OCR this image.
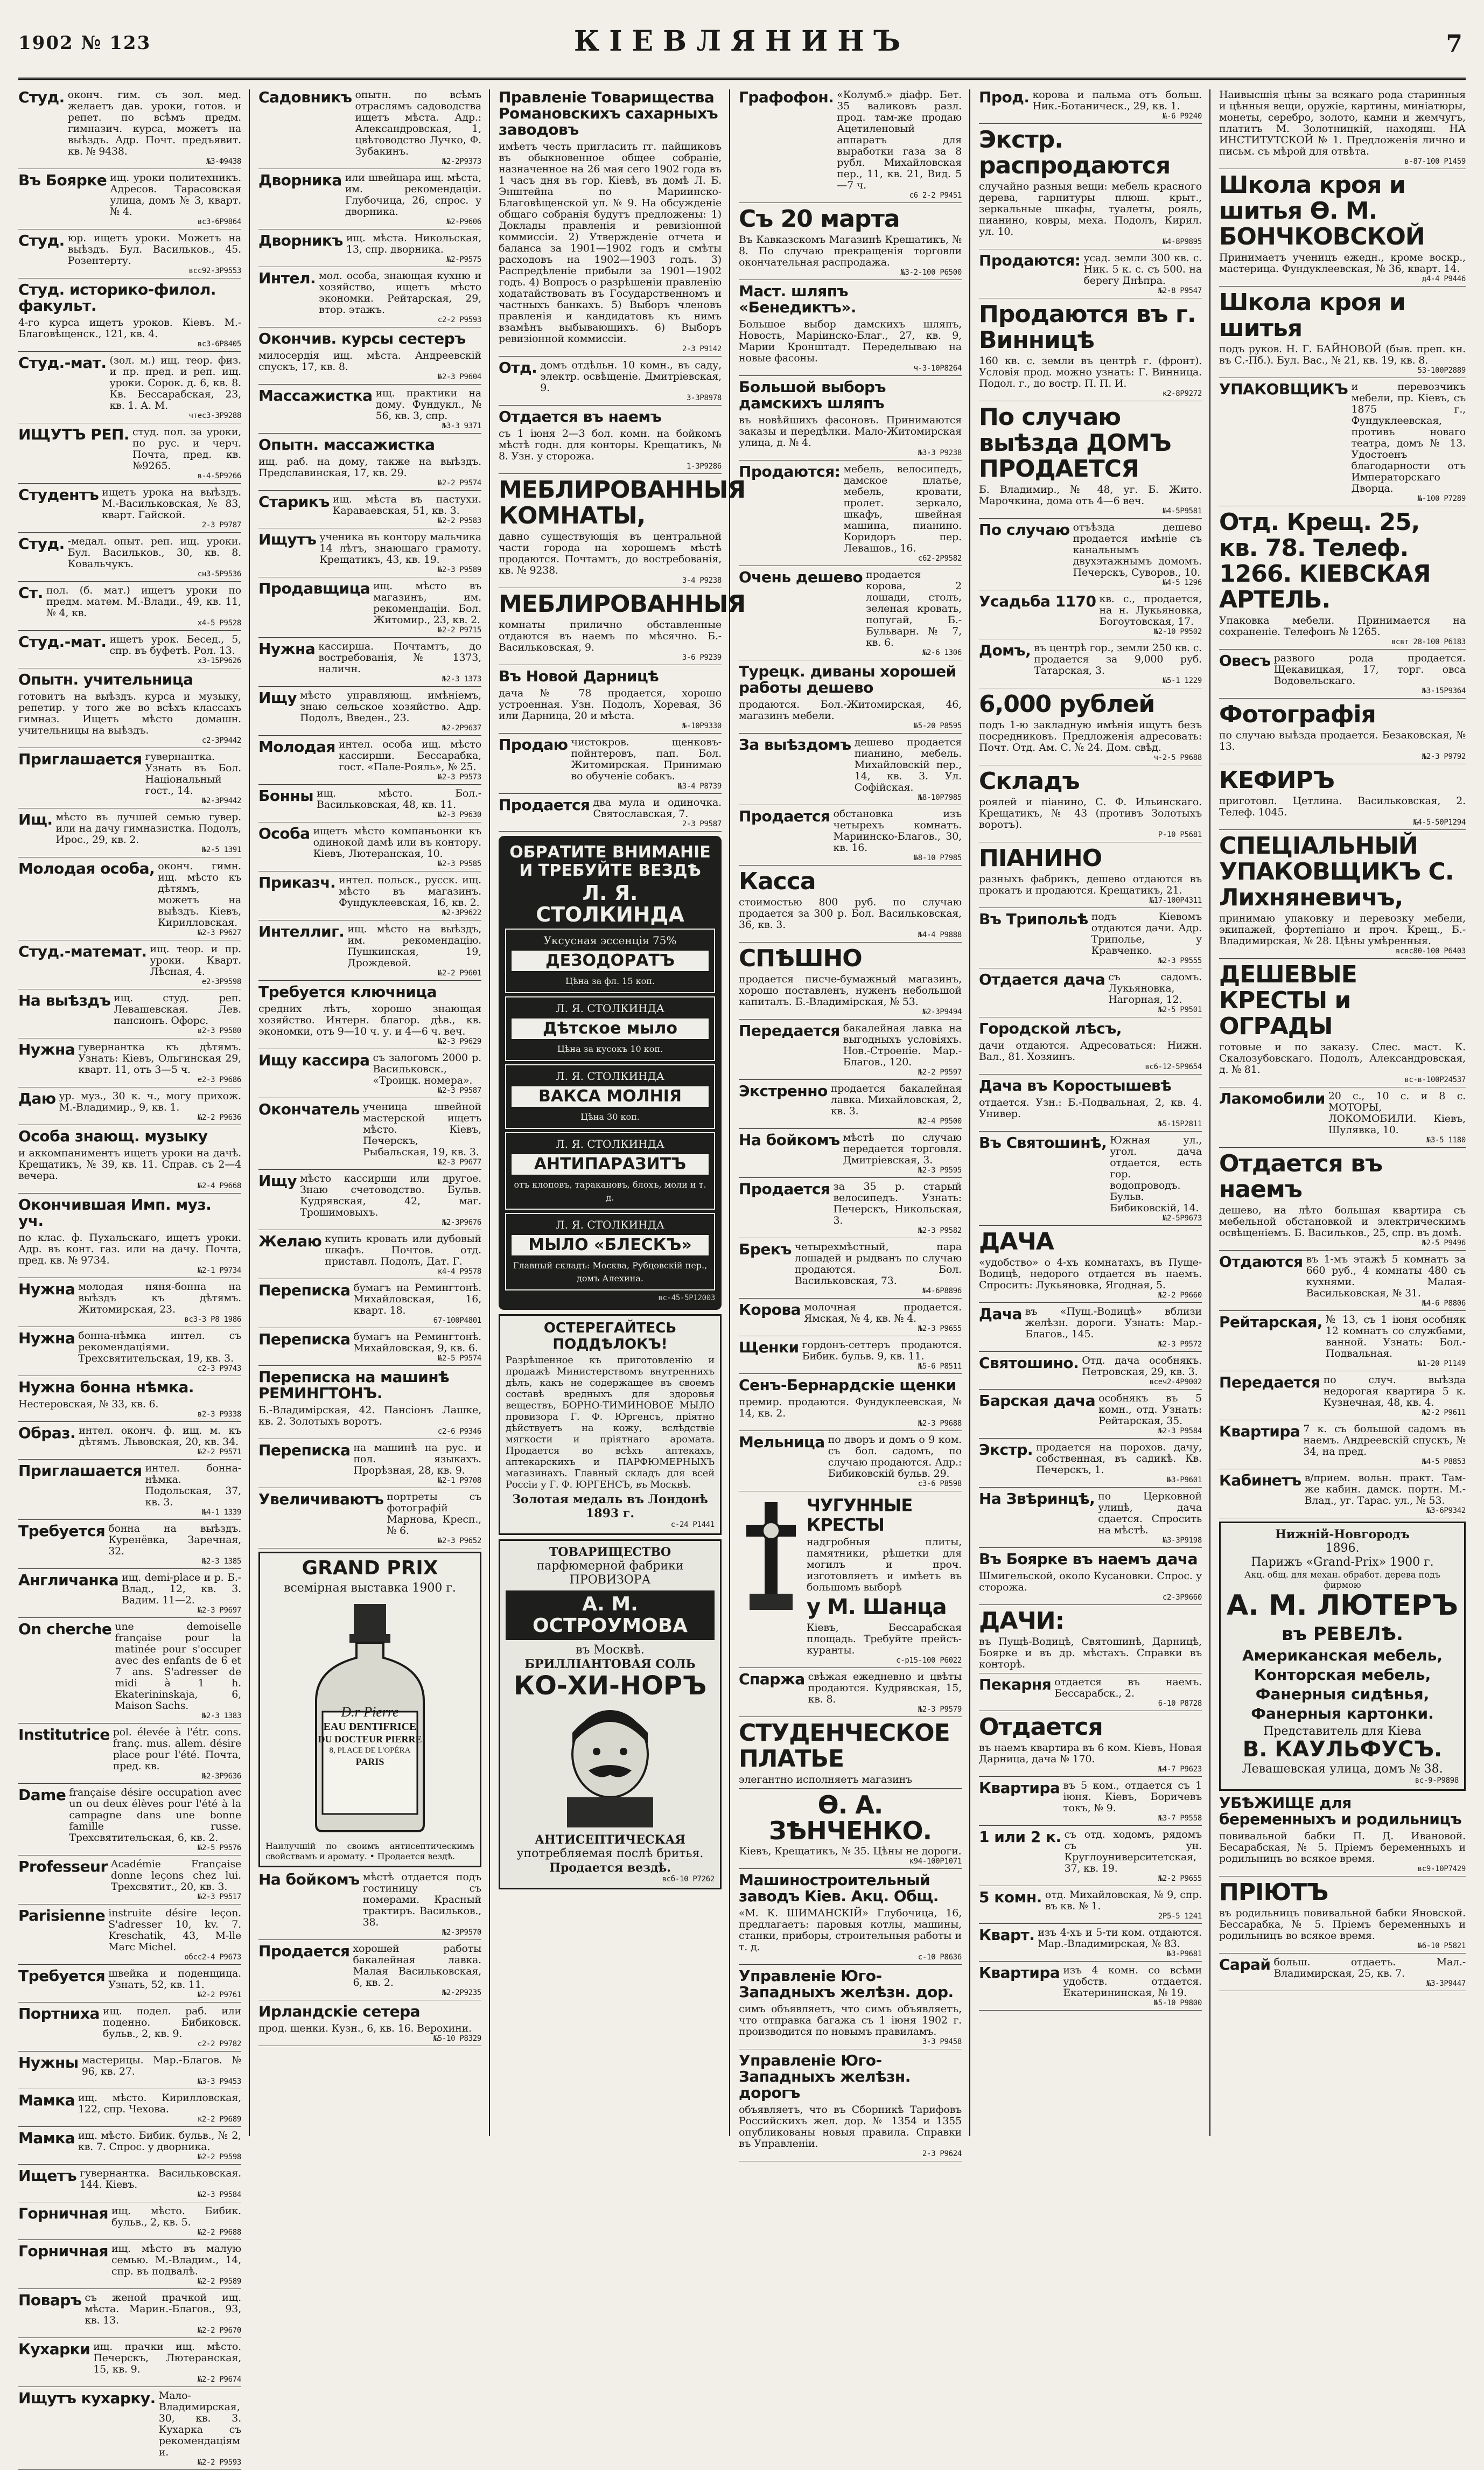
1902 № 123	КІЕВЛЯНИНЪ	7
Студ. оконч. гим. съ зол. мед. желаетъ дав. уроки, готов. и репет. по всѣмъ предм. гимназич. курса, можетъ на выѣздъ. Адр. Почт. предъявит. кв. № 9438.
№3-Ф9438
Въ Боярке ищ. уроки политехникъ. Адресов. Тарасовская улица, домъ № 3, кварт. № 4.
вс3-6Р9864
Студ. юр. ищетъ уроки. Можетъ на выѣздъ. Бул. Васильков., 45. Розентерту.
всс92-3Р9553
Студ. историко-филол. факульт.
4-го курса ищетъ уроков. Кiевъ. М.-Благовѣщенск., 121, кв. 4.
вс3-6Р8405
Студ.-мат. (зол. м.) ищ. теор. физ. и пр. пред. и реп. ищ. уроки. Сорок. д. 6, кв. 8. Кв. Бессарабская, 23, кв. 1. А. М.
чтес3-3Р9288
ИЩУТЪ РЕП. студ. пол. за уроки, по рус. и черч. Почта, пред. кв. №9265.
в-4-5Р9266
Студентъ ищетъ урока на выѣздъ. М.-Васильковская, № 83, кварт. Гайской.
2-3 Р9787
Студ. -медал. опыт. реп. ищ. уроки. Бул. Васильков., 30, кв. 8. Ковальчукъ.
сн3-5Р9536
Ст. пол. (б. мат.) ищетъ уроки по предм. матем. М.-Влади., 49, кв. 11, № 4, кв.
х4-5 Р9528
Студ.-мат. ищетъ урок. Бесед., 5, спр. въ буфетѣ. Рол. 13.
х3-15Р9626
Опытн. учительница
готовитъ на выѣздъ. курса и музыку, репетир. у того же во всѣхъ классахъ гимназ. Ищетъ мѣсто домашн. учительницы на выѣздъ.
с2-3Р9442
Приглашается гувернантка. Узнать въ Бол. Національный гост., 14.
№2-3Р9442
Ищ. мѣсто въ лучшей семью гувер. или на дачу гимназистка. Подолъ, Ирос., 29, кв. 2.
№2-5 1391
Молодая особа, оконч. гимн. ищ. мѣсто къ дѣтямъ, можетъ на выѣздъ. Кiевъ, Кирилловская.
№2-3 Р9627
Студ.-математ. ищ. теор. и пр. уроки. Кварт. Лѣсная, 4.
е2-3Р9598
На выѣздъ ищ. студ. реп. Левашевская. Лев. пансионъ. Офорс.
в2-3 Р9580
Нужна гувернантка къ дѣтямъ. Узнать: Кiевъ, Ольгинская 29, кварт. 11, отъ 3—5 ч.
е2-3 Р9686
Даю ур. муз., 30 к. ч., могу прихож. М.-Владимир., 9, кв. 1.
№2-2 Р9636
Особа знающ. музыку
и аккомпаниментъ ищетъ уроки на дачѣ. Крещатикъ, № 39, кв. 11. Справ. съ 2—4 вечера.
№2-4 Р9668
Окончившая Имп. муз. уч.
по клас. ф. Пухальскаго, ищетъ уроки. Адр. въ конт. газ. или на дачу. Почта, пред. кв. № 9734.
№2-1 Р9734
Нужна молодая няня-бонна на выѣздъ къ дѣтямъ. Житомирская, 23.
вс3-3 Р8 1986
Нужна бонна-нѣмка интел. съ рекомендаціями. Трехсвятительская, 19, кв. 3.
с2-3 Р9743
Нужна бонна нѣмка.
Нестеровская, № 33, кв. 6.
в2-3 Р9338
Образ. интел. оконч. ф. ищ. м. къ дѣтямъ. Львовская, 20, кв. 34.
№2-2 Р9571
Приглашается интел. бонна-нѣмка. Подольская, 37, кв. 3.
№4-1 1339
Требуется бонна на выѣздъ. Куренёвка, Заречная, 32.
№2-3 1385
Англичанка ищ. demi-place и р. Б.-Влад., 12, кв. 3. Вадим. 11—2.
№2-3 Р9697
On cherche une demoiselle française pour la matinée pour s'occuper avec des enfants de 6 et 7 ans. S'adresser de midi à 1 h. Ekaterininskaja, 6, Maison Sachs.
№2-3 1383
Institutrice pol. élevée à l'étr. cons. franç. mus. allem. désire place pour l'été. Почта, пред. кв.
№2-3Р9636
Dame française désire occupation avec un ou deux élèves pour l'été à la campagne dans une bonne famille russe. Трехсвятительская, 6, кв. 2.
№2-5 Р9576
Professeur Académie Française donne leçons chez lui. Трехсвятит., 20, кв. 3.
№2-3 Р9517
Parisienne instruite désire leçon. S'adresser 10, kv. 7. Kreschatik, 43, М-lle Marc Michel.
обсс2-4 Р9673
Требуется швейка и поденщица. Узнать, 52, кв. 11.
№2-2 Р9761
Портниха ищ. подел. раб. или поденно. Бибиковск. бульв., 2, кв. 9.
с2-2 Р9782
Нужны мастерицы. Мар.-Благов. № 96, кв. 27.
№3-3 Р9453
Мамка ищ. мѣсто. Кирилловская, 122, спр. Чехова.
к2-2 Р9689
Мамка ищ. мѣсто. Бибик. бульв., № 2, кв. 7. Спрос. у дворника.
№2-2 Р9598
Ищетъ гувернантка. Васильковская. 144. Кiевъ.
№2-3 Р9584
Горничная ищ. мѣсто. Бибик. бульв., 2, кв. 5.
№2-2 Р9688
Горничная ищ. мѣсто въ малую семью. М.-Владим., 14, спр. въ подвалѣ.
№2-2 Р9589
Поваръ съ женой прачкой ищ. мѣста. Марин.-Благов., 93, кв. 13.
№2-2 Р9670
Кухарки ищ. прачки ищ. мѣсто. Печерскъ, Лютеранская, 15, кв. 9.
№2-2 Р9674
Ищутъ кухарку. Мало-Владимирская, 30, кв. 3. Кухарка съ рекомендаціями.
№2-2 Р9593
Садовникъ опытн. по всѣмъ отраслямъ садоводства ищетъ мѣста. Адр.: Александровская, 1, цвѣтоводство Лучко, Ф. Зубакинъ.
№2-2Р9373
Дворника или швейцара ищ. мѣста, им. рекомендаціи. Глубочица, 26, спрос. у дворника.
№2-Р9606
Дворникъ ищ. мѣста. Никольская, 13, спр. дворника.
№2-Р9575
Интел. мол. особа, знающая кухню и хозяйство, ищетъ мѣсто экономки. Рейтарская, 29, втор. этажъ.
с2-2 Р9593
Окончив. курсы сестеръ
милосердія ищ. мѣста. Андреевскій спускъ, 17, кв. 8.
№2-3 Р9604
Массажистка ищ. практики на дому. Фундукл., № 56, кв. 3, спр.
№3-3 9371
Опытн. массажистка
ищ. раб. на дому, также на выѣздъ. Предславинская, 17, кв. 29.
№2-2 Р9574
Старикъ ищ. мѣста въ пастухи. Караваевская, 51, кв. 3.
№2-2 Р9583
Ищутъ ученика въ контору мальчика 14 лѣтъ, знающаго грамоту. Крещатикъ, 43, кв. 19.
№2-3 Р9589
Продавщица ищ. мѣсто въ магазинъ, им. рекомендаціи. Бол. Житомир., 23, кв. 2.
№2-2 Р9715
Нужна кассирша. Почтамтъ, до востребованія, № 1373, наличн.
№2-3 1373
Ищу мѣсто управляющ. имѣніемъ, знаю сельское хозяйство. Адр. Подолъ, Введен., 23.
№2-2Р9637
Молодая интел. особа ищ. мѣсто кассирши. Бессарабка, гост. «Пале-Рояль», № 25.
№2-3 Р9573
Бонны ищ. мѣсто. Бол.-Васильковская, 48, кв. 11.
№2-3 Р9630
Особа ищетъ мѣсто компаньонки къ одинокой дамѣ или въ контору. Кiевъ, Лютеранская, 10.
№2-3 Р9585
Приказч. интел. польск., русск. ищ. мѣсто въ магазинъ. Фундуклеевская, 16, кв. 2.
№2-3Р9622
Интеллиг. ищ. мѣсто на выѣздъ, им. рекомендацію. Пушкинская, 19, Дрождевой.
№2-2 Р9601
Требуется ключница
средних лѣтъ, хорошо знающая хозяйство. Интерн. благор. дѣв., кв. экономки, отъ 9—10 ч. у. и 4—6 ч. веч.
№2-3 Р9629
Ищу кассира съ залогомъ 2000 р. Васильковск., «Троицк. номера».
№2-3 Р9587
Окончатель ученица швейной мастерской ищетъ мѣсто. Кiевъ, Печерскъ, Рыбальская, 19, кв. 3.
№2-3 Р9677
Ищу мѣсто кассирши или другое. Знаю счетоводство. Бульв. Кудрявская, 42, маг. Трошимовыхъ.
№2-3Р9676
Желаю купить кровать или дубовый шкафъ. Почтов. отд. приставл. Подолъ, Дат. Г.
к4-4 Р9578
Переписка бумагъ на Ремингтонѣ. Михайловская, 16, кварт. 18.
67-100Р4801
Переписка бумагъ на Ремингтонѣ. Михайловская, 9, кв. 6.
№2-5 Р9574
Переписка на машинѣ РЕМИНГТОНЪ.
Б.-Владимірская, 42. Пансіонъ Лашке, кв. 2. Золотыхъ воротъ.
с2-6 Р9346
Переписка на машинѣ на рус. и пол. языкахъ. Прорѣзная, 28, кв. 9.
№2-1 Р9708
Увеличиваютъ портреты съ фотографій Марнова, Кресп., № 6.
№2-3 Р9652
GRAND PRIX
всемірная выставка 1900 г.
D.r Pierre
EAU DENTIFRICE
DU DOCTEUR PIERRE
8, PLACE DE L'OPÉRA
PARIS
Наилучшій по своимъ антисептическимъ свойствамъ и аромату. • Продается вездѣ.
На бойкомъ мѣстѣ отдается подъ гостиницу съ номерами. Красный трактиръ. Васильков., 38.
№2-3Р9570
Продается хорошей работы бакалейная лавка. Малая Васильковская, 6, кв. 2.
№2-2Р9235
Ирландскіе сетера
прод. щенки. Кузн., 6, кв. 16. Верохини.
№5-10 Р8329
Правленіе Товарищества Романовскихъ сахарныхъ заводовъ
имѣетъ честь пригласить гг. пайщиковъ въ обыкновенное общее собраніе, назначенное на 26 мая сего 1902 года въ 1 часъ дня въ гор. Кiевѣ, въ домѣ Л. Б. Энштейна по Мариинско-Благовѣщенской ул. № 9. На обсужденіе общаго собранія будутъ предложены: 1) Доклады правленія и ревизіонной коммиссіи. 2) Утвержденіе отчета и баланса за 1901—1902 годъ и смѣты расходовъ на 1902—1903 годъ. 3) Распредѣленіе прибыли за 1901—1902 годъ. 4) Вопросъ о разрѣшеніи правленію ходатайствовать въ Государственномъ и частныхъ банкахъ. 5) Выборъ членовъ правленія и кандидатовъ къ нимъ взамѣнъ выбывающихъ. 6) Выборъ ревизіонной коммиссіи.
2-3 Р9142
Отд. домъ отдѣльн. 10 комн., въ саду, электр. освѣщеніе. Дмитріевская, 9.
3-3Р8978
Отдается въ наемъ
съ 1 іюня 2—3 бол. комн. на бойкомъ мѣстѣ годн. для конторы. Крещатикъ, № 8. Узн. у сторожа.
1-3Р9286
МЕБЛИРОВАННЫЯ КОМНАТЫ,
давно существующія въ центральной части города на хорошемъ мѣстѣ продаются. Почтамтъ, до востребованія, кв. № 9238.
3-4 Р9238
МЕБЛИРОВАННЫЯ
комнаты прилично обставленные отдаются въ наемъ по мѣсячно. Б.-Васильковская, 9.
3-6 Р9239
Въ Новой Дарницѣ
дача № 78 продается, хорошо устроенная. Узн. Подолъ, Хоревая, 36 или Дарница, 20 и мѣста.
№-10Р9330
Продаю чистокров. щенковъ-пойнтеровъ, пап. Бол. Житомирская. Принимаю во обученіе собакъ.
№3-4 Р8739
Продается два мула и одиночка. Святославская, 7.
2-3 Р9587
ОБРАТИТЕ ВНИМАНІЕ И ТРЕБУЙТЕ ВЕЗДѢ
Л. Я. СТОЛКИНДА
Уксусная эссенція 75%
ДЕЗОДОРАТЪ
Цѣна за фл. 15 коп.
Л. Я. СТОЛКИНДА
Дѣтское мыло
Цѣна за кусокъ 10 коп.
Л. Я. СТОЛКИНДА
ВАКСА МОЛНІЯ
Цѣна 30 коп.
Л. Я. СТОЛКИНДА
АНТИПАРАЗИТЪ
отъ клоповъ, таракановъ, блохъ, моли и т. д.
Л. Я. СТОЛКИНДА
МЫЛО «БЛЕСКЪ»
Главный складъ: Москва, Рубцовскій пер., домъ Алехина.
вс-45-5Р12003
ОСТЕРЕГАЙТЕСЬ ПОДДѢЛОКЪ!
Разрѣшенное къ приготовленію и продажѣ Министерствомъ внутреннихъ дѣлъ, какъ не содержащее въ своемъ составѣ вредныхъ для здоровья веществъ, БОРНО-ТИМИНОВОЕ МЫЛО провизора Г. Ф. Юргенсъ, пріятно дѣйствуетъ на кожу, вслѣдствіе мягкости и пріятнаго аромата. Продается во всѣхъ аптекахъ, аптекарскихъ и ПАРФЮМЕРНЫХЪ магазинахъ. Главный складъ для всей Россіи у Г. Ф. ЮРГЕНСЪ, въ Москвѣ.
Золотая медаль въ Лондонѣ 1893 г.
с-24 Р1441
ТОВАРИЩЕСТВО
парфюмерной фабрики
ПРОВИЗОРА
А. М. ОСТРОУМОВА
въ Москвѣ.
БРИЛЛІАНТОВАЯ СОЛЬ
КО-ХИ-НОРЪ
АНТИСЕПТИЧЕСКАЯ
употребляемая послѣ бритья.
Продается вездѣ.
всб-10 Р7262
Графофон. «Колумб.» діафр. Бет. 35 валиковъ разл. прод. там-же продаю Ацетиленовый аппаратъ для выработки газа за 8 рубл. Михайловская пер., 11, кв. 21, Вид. 5—7 ч.
с6 2-2 Р9451
Съ 20 марта
Въ Кавказскомъ Магазинѣ Крещатикъ, № 8. По случаю прекращенія торговли окончательная распродажа.
№3-2-100 Р6500
Маст. шляпъ «Бенедиктъ».
Большое выбор дамскихъ шляпъ, Новость, Маріинско-Благ., 27, кв. 9, Марии Кронштадт. Переделываю на новые фасоны.
ч-3-10Р8264
Большой выборъ дамскихъ шляпъ
въ новѣйшихъ фасоновъ. Принимаются заказы и передѣлки. Мало-Житомирская улица, д. № 4.
№3-3 Р9238
Продаются: мебель, велосипедъ, дамское платье, мебель, кровати, пролет. зеркало, шкафъ, швейная машина, пианино. Коридоръ пер. Левашов., 16.
с62-2Р9582
Очень дешево продается корова, 2 лошади, столъ, зеленая кровать, попугай, Б.-Бульварн. № 7, кв. 6.
№2-6 1306
Турецк. диваны хорошей работы дешево
продаются. Бол.-Житомирская, 46, магазинъ мебели.
№5-20 Р8595
За выѣздомъ дешево продается пианино, мебель. Михайловскій пер., 14, кв. 3. Ул. Софійская.
№8-10Р7985
Продается обстановка изъ четырехъ комнатъ. Мариинско-Благов., 30, кв. 16.
№8-10 Р7985
Касса
стоимостью 800 руб. по случаю продается за 300 р. Бол. Васильковская, 36, кв. 3.
№4-4 Р9888
СПѢШНО
продается писче-бумажный магазинъ, хорошо поставленъ, нуженъ небольшой капиталъ. Б.-Владимірская, № 53.
№2-3Р9494
Передается бакалейная лавка на выгодныхъ условіяхъ. Нов.-Строеніе. Мар.-Благов., 120.
№2-2 Р9597
Экстренно продается бакалейная лавка. Михайловская, 2, кв. 3.
№2-4 Р9500
На бойкомъ мѣстѣ по случаю передается торговля. Дмитріевская, 3.
№2-3 Р9595
Продается за 35 р. старый велосипедъ. Узнать: Печерскъ, Никольская, 3.
№2-3 Р9582
Брекъ четырехмѣстный, пара лошадей и рыдванъ по случаю продаются. Бол. Васильковская, 73.
№4-6Р8896
Корова молочная продается. Ямская, № 4, кв. № 4.
№2-3 Р9655
Щенки гордонъ-сеттеръ продаются. Бибик. бульв. 9, кв. 11.
№5-6 Р8511
Сенъ-Бернардскіе щенки
премир. продаются. Фундуклеевская, № 14, кв. 2.
№2-3 Р9688
Мельница по дворъ и домъ о 9 ком. съ бол. садомъ, по случаю продаются. Адр.: Бибиковскій бульв. 29.
с3-6 Р8598
ЧУГУННЫЕ КРЕСТЫ
надгробныя плиты, памятники, рѣшетки для могилъ и проч. изготовляетъ и имѣетъ въ большомъ выборѣ
у М. Шанца
Кiевъ, Бессарабская площадь. Требуйте прейсъ-куранты.
с-р15-100 Р6022
Спаржа свѣжая ежедневно и цвѣты продаются. Кудрявская, 15, кв. 8.
№2-3 Р9579
СТУДЕНЧЕСКОЕ ПЛАТЬЕ
элегантно исполняетъ магазинъ
Ѳ. А. ЗѢНЧЕНКО.
Кiевъ, Крещатикъ, № 35. Цѣны не дороги.
к94-100Р1071
Машиностроительный заводъ Кiев. Акц. Общ.
«М. К. ШИМАНСКІЙ» Глубочица, 16, предлагаетъ: паровыя котлы, машины, станки, приборы, строительныя работы и т. д.
с-10 Р8636
Управленіе Юго-Западныхъ желѣзн. дор.
симъ объявляетъ, что симъ объявляетъ, что отправка багажа съ 1 іюня 1902 г. производится по новымъ правиламъ.
3-3 Р9458
Управленіе Юго-Западныхъ желѣзн. дорогъ
объявляетъ, что въ Сборникѣ Тарифовъ Российскихъ жел. дор. № 1354 и 1355 опубликованы новыя правила. Справки въ Управленіи.
2-3 Р9624
Прод. корова и пальма отъ больш. Ник.-Ботаническ., 29, кв. 1.
№-6 Р9240
Экстр. распродаются
случайно разныя вещи: мебель красного дерева, гарнитуры плюш. крыт., зеркальные шкафы, туалеты, рояль, пианино, ковры, меха. Подолъ, Кирил. ул. 10.
№4-8Р9895
Продаются: усад. земли 300 кв. с. Ник. 5 к. с. съ 500. на берегу Днѣпра.
№2-8 Р9547
Продаются въ г. Винницѣ
160 кв. с. земли въ центрѣ г. (фронт). Условія прод. можно узнать: Г. Винница. Подол. г., до востр. П. П. И.
к2-8Р9272
По случаю выѣзда ДОМЪ ПРОДАЕТСЯ
Б. Владимир., № 48, уг. Б. Жито. Марочкина, дома отъ 4—6 веч.
№4-5Р9581
По случаю отъѣзда дешево продается имѣніе съ канальнымъ двухэтажнымъ домомъ. Печерскъ, Суворов., 10.
№4-5 1296
Усадьба 1170 кв. с., продается, на н. Лукьяновка, Богоутовская, 17.
№2-10 Р9502
Домъ, въ центрѣ гор., земли 250 кв. с. продается за 9,000 руб. Татарская, 3.
№5-1 1229
6,000 рублей
подъ 1-ю закладную имѣнія ищутъ безъ посредниковъ. Предложенія адресовать: Почт. Отд. Ам. С. № 24. Дом. свѣд.
ч-2-5 Р9688
Складъ
роялей и піанино, С. Ф. Ильинскаго. Крещатикъ, № 43 (противъ Золотыхъ воротъ).
Р-10 Р5681
ПІАНИНО
разныхъ фабрикъ, дешево отдаются въ прокатъ и продаются. Крещатикъ, 21.
№17-100Р4311
Въ Трипольѣ подъ Кiевомъ отдаются дачи. Адр. Триполье, у Кравченко.
№2-3 Р9555
Отдается дача съ садомъ. Лукьяновка, Нагорная, 12.
№2-5 Р9501
Городской лѣсъ,
дачи отдаются. Адресоваться: Нижн. Вал., 81. Хозяинъ.
вс6-12-5Р9654
Дача въ Коростышевѣ
отдается. Узн.: Б.-Подвальная, 2, кв. 4. Универ.
№5-15Р2811
Въ Святошинѣ, Южная ул., угол. дача отдается, есть гор. водопроводъ. Бульв. Бибиковскій, 14.
№2-5Р9673
ДАЧА
«удобство» о 4-хъ комнатахъ, въ Пуще-Водицѣ, недорого отдается въ наемъ. Спросить: Лукьяновка, Ягодная, 5.
№2-2 Р9660
Дача въ «Пущ.-Водицѣ» вблизи желѣзн. дороги. Узнать: Мар.-Благов., 145.
№2-3 Р9572
Святошино. Отд. дача особнякъ. Петровская, 29, кв. 3.
всеч2-4Р9002
Барская дача особнякъ въ 5 комн., отд. Узнать: Рейтарская, 35.
№2-3 Р9584
Экстр. продается на порохов. дачу, собственная, въ садикѣ. Кв. Печерскъ, 1.
№3-Р9601
На Звѣринцѣ, по Церковной улицѣ, дача сдается. Спросить на мѣстѣ.
№3-3Р9198
Въ Боярке въ наемъ дача
Шмигельской, около Кусановки. Спрос. у сторожа.
с2-3Р9660
ДАЧИ:
въ Пущѣ-Водицѣ, Святошинѣ, Дарницѣ, Боярке и въ др. мѣстахъ. Справки въ конторѣ.
Пекарня отдается въ наемъ. Бессарабск., 2.
6-10 Р8728
Отдается
въ наемъ квартира въ 6 ком. Кiевъ, Новая Дарница, дача № 170.
№4-7 Р9623
Квартира въ 5 ком., отдается съ 1 іюня. Кiевъ, Боричевъ токъ, № 9.
№3-7 Р9558
1 или 2 к. съ отд. ходомъ, рядомъ съ ун. Круглоуниверситетская, 37, кв. 19.
№2-2 Р9655
5 комн. отд. Михайловская, № 9, спр. въ кв. № 1.
2Р5-5 1241
Кварт. изъ 4-хъ и 5-ти ком. отдаются. Мар.-Владимирская, № 83.
№3-Р9681
Квартира изъ 4 комн. со всѣми удобств. отдается. Екатерининская, № 19.
№5-10 Р9800
Наивысшія цѣны за всякаго рода старинныя и цѣнныя вещи, оружіе, картины, миніатюры, монеты, серебро, золото, камни и жемчугъ, платитъ М. Золотницкій, находящ. НА ИНСТИТУТСКОЙ № 1. Предложенія лично и письм. съ мѣрой для отвѣта.
в-87-100 Р1459
Школа кроя и шитья Ѳ. М. БОНЧКОВСКОЙ
Принимаетъ ученицъ ежедн., кроме воскр., мастерица. Фундуклеевская, № 36, кварт. 14.
д4-4 Р9446
Школа кроя и шитья
подъ руков. Н. Г. БАЙНОВОЙ (быв. преп. кн. въ С.-Пб.). Бул. Вас., № 21, кв. 19, кв. 8.
53-100Р2889
УПАКОВЩИКЪ и перевозчикъ мебели, пр. Кiевъ, съ 1875 г., Фундуклеевская, противъ новаго театра, домъ № 13. Удостоенъ благодарности отъ Императорскаго Дворца.
№-100 Р7289
Отд. Крещ. 25, кв. 78. Телеф. 1266. КІЕВСКАЯ АРТЕЛЬ.
Упаковка мебели. Принимается на сохраненіе. Телефонъ № 1265.
всвт 28-100 Р6183
Овесъ развого рода продается. Щекавицкая, 17, торг. овса Водовельскаго.
№3-15Р9364
Фотографія
по случаю выѣзда продается. Безаковская, № 13.
№2-3 Р9792
КЕФИРЪ
приготовл. Цетлина. Васильковская, 2. Телеф. 1045.
№4-5-50Р1294
СПЕЦІАЛЬНЫЙ УПАКОВЩИКЪ С. Лихняневичъ,
принимаю упаковку и перевозку мебели, экипажей, фортепіано и проч. Крещ., Б.-Владимирская, № 28. Цѣны умѣренныя.
всвс80-100 Р6403
ДЕШЕВЫЕ КРЕСТЫ и ОГРАДЫ
готовые и по заказу. Слес. маст. К. Скалозубовскаго. Подолъ, Александровская, д. № 81.
вс-в-100Р24537
Лакомобили 20 с., 10 с. и 8 с. МОТОРЫ, ЛОКОМОБИЛИ. Кiевъ, Шулявка, 10.
№3-5 1180
Отдается въ наемъ
дешево, на лѣто большая квартира съ мебельной обстановкой и электрическимъ освѣщеніемъ. Б. Васильков., 25, спр. въ домѣ.
№2-5 Р9496
Отдаются въ 1-мъ этажѣ 5 комнатъ за 660 руб., 4 комнаты 480 съ кухнями. Малая-Васильковская, № 31.
№4-6 Р8806
Рейтарская, № 13, съ 1 іюня особняк 12 комнатъ со службами, ванной. Узнать: Бол.-Подвальная.
№1-20 Р1149
Передается по случ. выѣзда недорогая квартира 5 к. Кузнечная, 48, кв. 4.
№2-2 Р9611
Квартира 7 к. съ большой садомъ въ наемъ. Андреевскій спускъ, № 34, на пред.
№4-5 Р8853
Кабинетъ в/прием. вольн. практ. Там-же кабин. дамск. портн. М.-Влад., уг. Тарас. ул., № 53.
№3-6Р9342
Нижній-Новгородъ
1896.
Парижъ «Grand-Prix» 1900 г.
Акц. общ. для механ. обработ. дерева подъ фирмою
А. М. ЛЮТЕРЪ
въ РЕВЕЛѢ.
Американская мебель,
Конторская мебель,
Фанерныя сидѣнья,
Фанерныя картонки.
Представитель для Кiева
В. КАУЛЬФУСЪ.
Левашевская улица, домъ № 38.
вс-9-Р9898
УБѢЖИЩЕ для беременныхъ и родильницъ
повивальной бабки П. Д. Ивановой. Бесарабская, № 5. Пріемъ беременныхъ и родильницъ во всякое время.
вс9-10Р7429
ПРІЮТЪ
въ родильницъ повивальной бабки Яновской. Бессарабка, № 5. Пріемъ беременныхъ и родильницъ во всякое время.
№6-10 Р5821
Сарай больш. отдаетъ. Мал.-Владимирская, 25, кв. 7.
№3-3Р9447
